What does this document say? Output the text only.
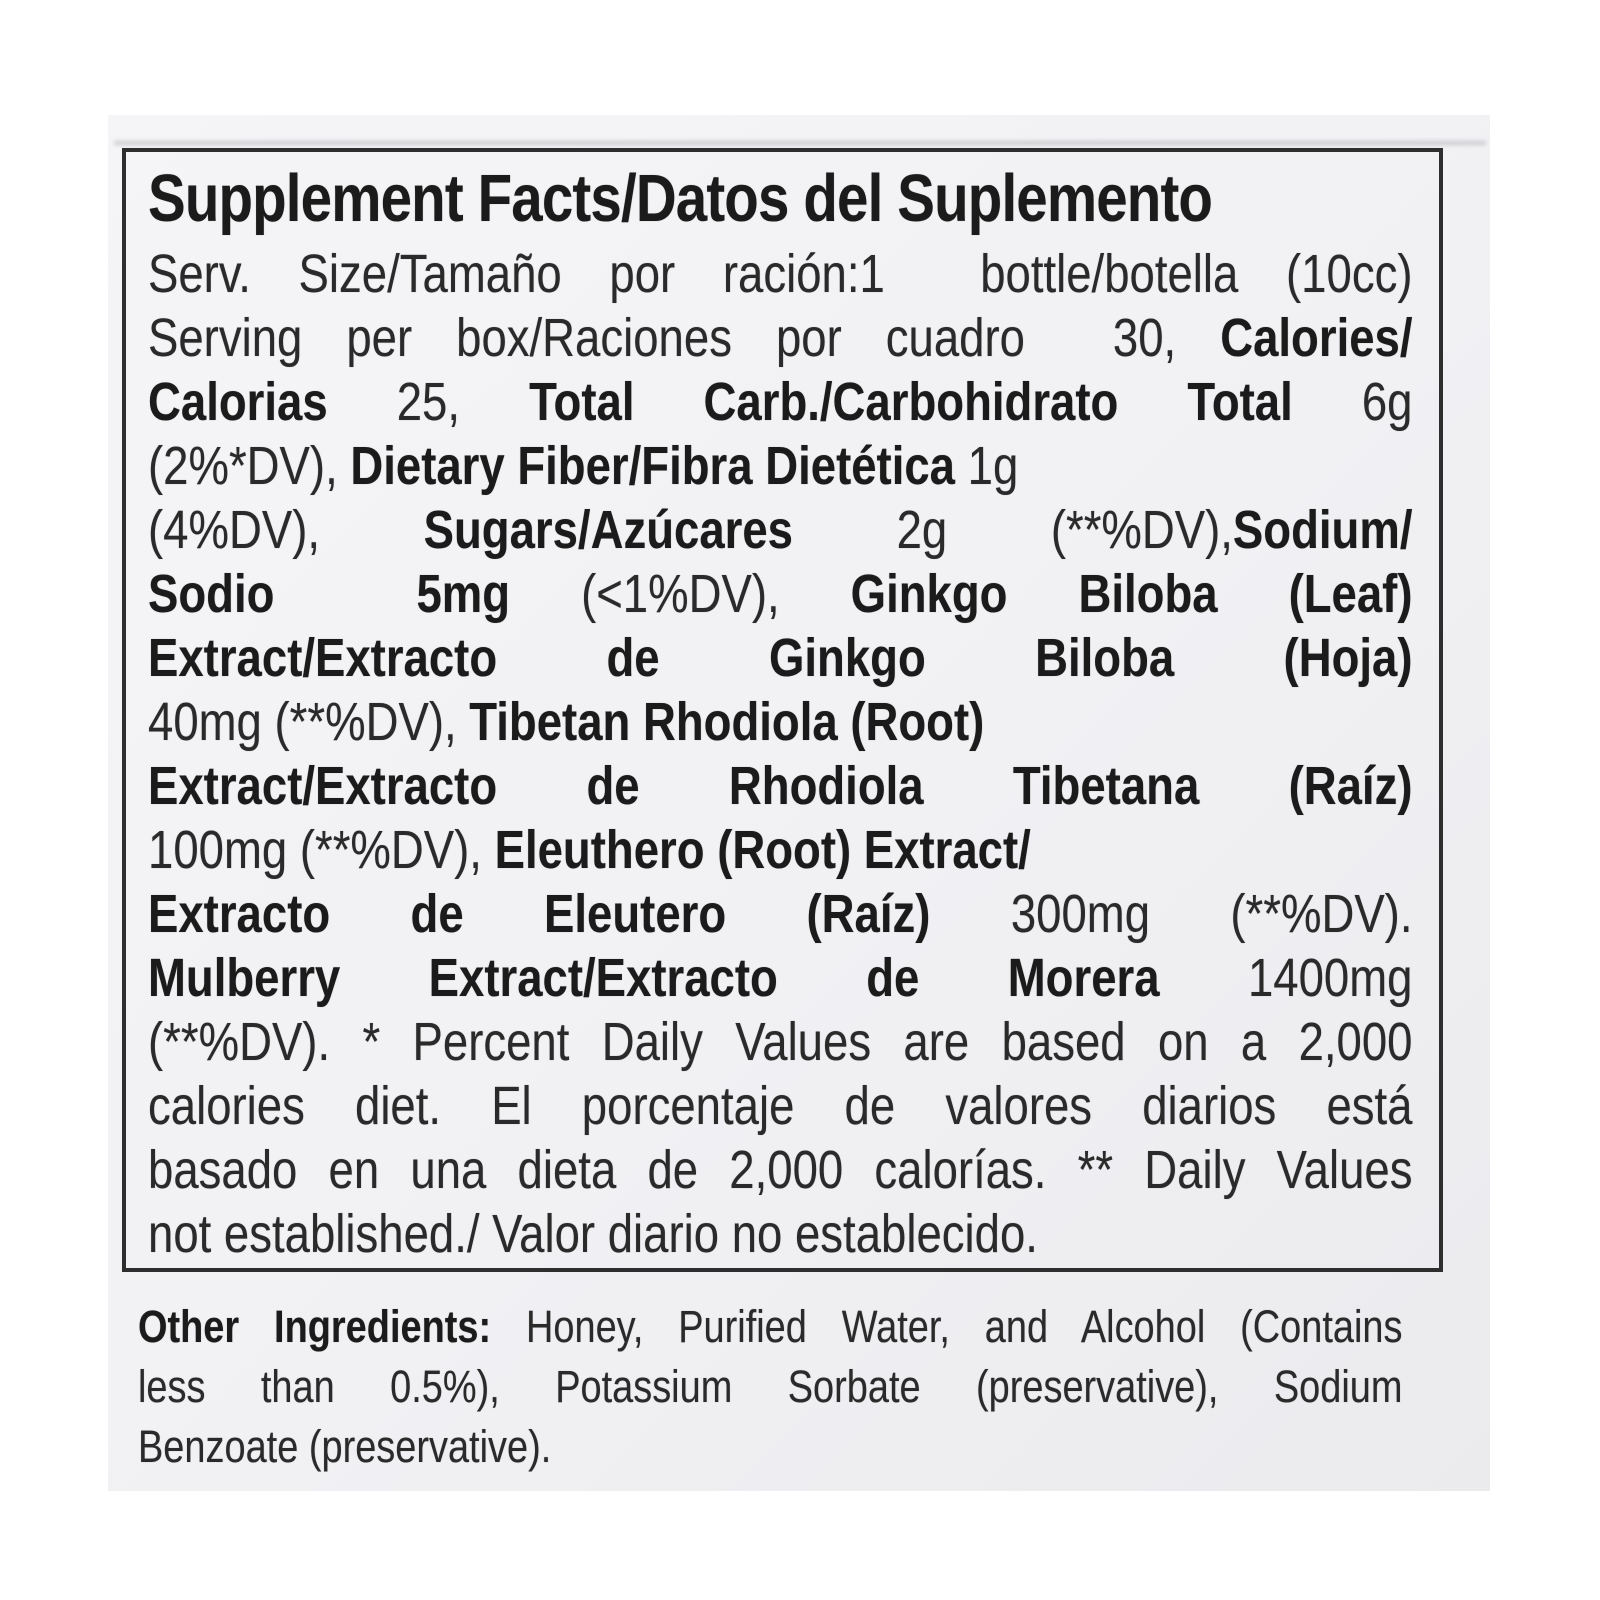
Supplement Facts/Datos del Suplemento
Serv. Size/Tamaño por ración:1  bottle/botella (10cc)
Serving per box/Raciones por cuadro  30, Calories/
Calorias 25, Total Carb./Carbohidrato Total 6g
(2%*DV), Dietary Fiber/Fibra Dietética 1g
(4%DV), Sugars/Azúcares 2g (**%DV),Sodium/
Sodio  5mg (<1%DV), Ginkgo Biloba (Leaf)
Extract/Extracto de Ginkgo Biloba (Hoja)
40mg (**%DV), Tibetan Rhodiola (Root)
Extract/Extracto de Rhodiola Tibetana (Raíz)
100mg (**%DV), Eleuthero (Root) Extract/
Extracto de Eleutero (Raíz) 300mg (**%DV).
Mulberry Extract/Extracto de Morera 1400mg
(**%DV). * Percent Daily Values are based on a 2,000
calories diet. El porcentaje de valores diarios está
basado en una dieta de 2,000 calorías. ** Daily Values
not established./ Valor diario no establecido.
Other Ingredients: Honey, Purified Water, and Alcohol (Contains
less than 0.5%), Potassium Sorbate (preservative), Sodium
Benzoate (preservative).
